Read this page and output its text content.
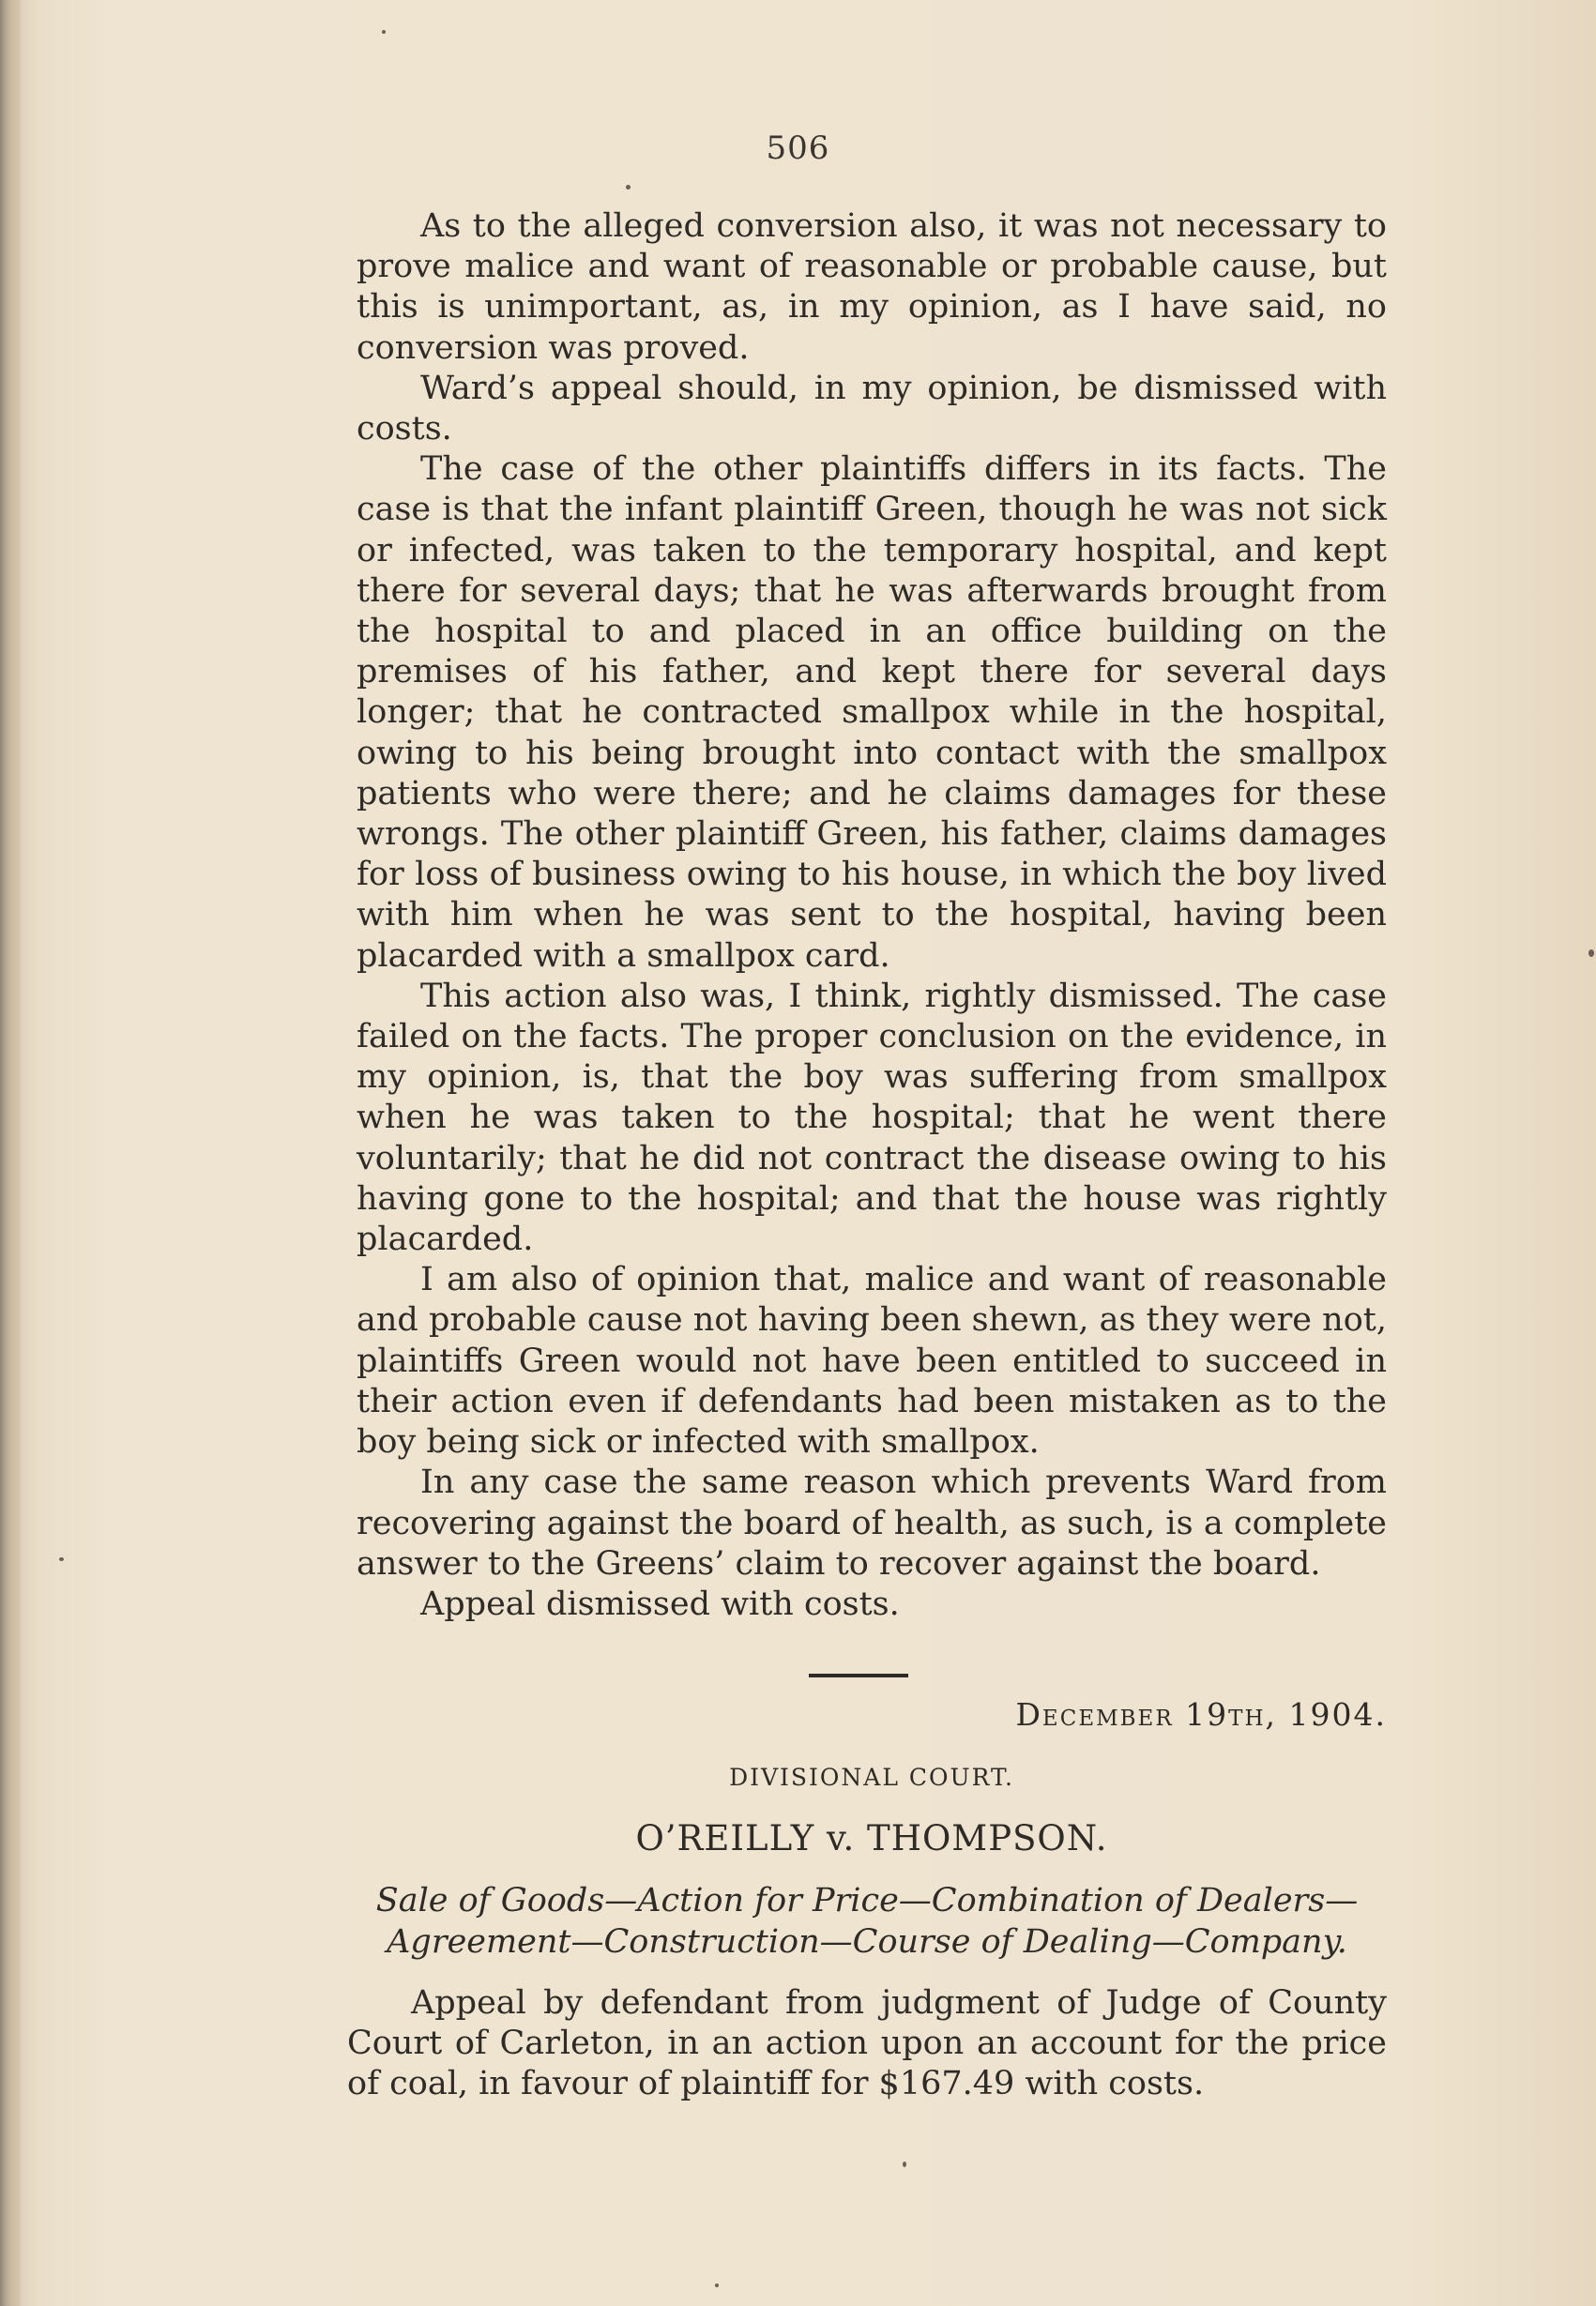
506

As to the alleged conversion also, it was not necessary to prove malice and want of reasonable or probable cause, but this is unimportant, as, in my opinion, as I have said, no conversion was proved.

Ward’s appeal should, in my opinion, be dismissed with costs.

The case of the other plaintiffs differs in its facts. The case is that the infant plaintiff Green, though he was not sick or infected, was taken to the temporary hospital, and kept there for several days; that he was afterwards brought from the hospital to and placed in an office building on the premises of his father, and kept there for several days longer; that he contracted smallpox while in the hospital, owing to his being brought into contact with the smallpox patients who were there; and he claims damages for these wrongs. The other plaintiff Green, his father, claims damages for loss of business owing to his house, in which the boy lived with him when he was sent to the hospital, having been placarded with a smallpox card.

This action also was, I think, rightly dismissed. The case failed on the facts. The proper conclusion on the evidence, in my opinion, is, that the boy was suffering from smallpox when he was taken to the hospital; that he went there voluntarily; that he did not contract the disease owing to his having gone to the hospital; and that the house was rightly placarded.

I am also of opinion that, malice and want of reasonable and probable cause not having been shewn, as they were not, plaintiffs Green would not have been entitled to succeed in their action even if defendants had been mistaken as to the boy being sick or infected with smallpox.

In any case the same reason which prevents Ward from recovering against the board of health, as such, is a complete answer to the Greens’ claim to recover against the board.

Appeal dismissed with costs.

December 19th, 1904.
DIVISIONAL COURT.
O’REILLY v. THOMPSON.
Sale of Goods—Action for Price—Combination of Dealers—
Agreement—Construction—Course of Dealing—Company.

Appeal by defendant from judgment of Judge of County Court of Carleton, in an action upon an account for the price of coal, in favour of plaintiff for $167.49 with costs.
